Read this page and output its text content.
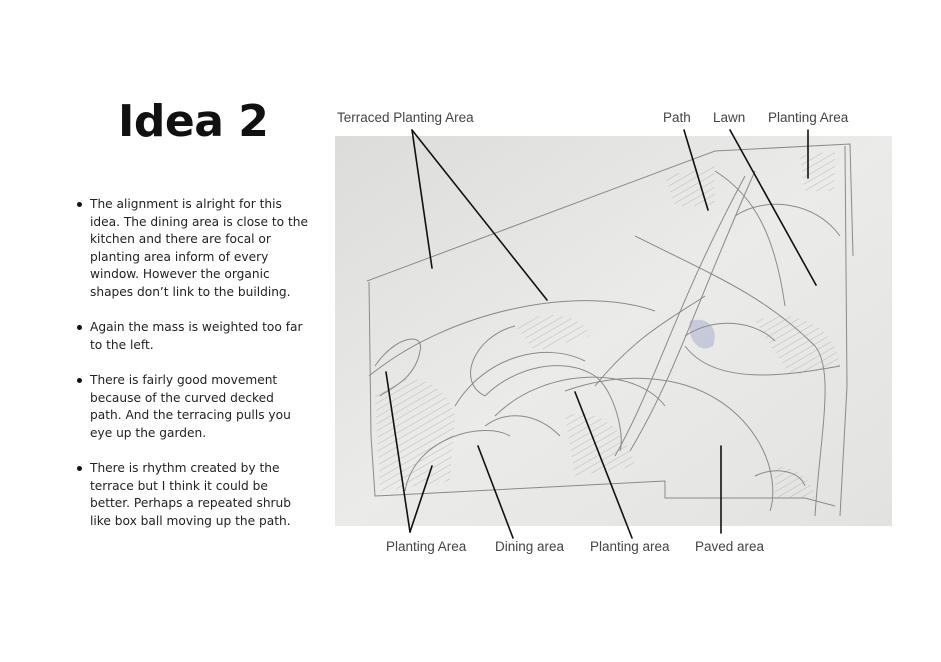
Idea 2
The alignment is alright for this idea. The dining area is close to the kitchen and there are focal or planting area inform of every window. However the organic shapes don’t link to the building.
Again the mass is weighted too far to the left.
There is fairly good movement because of the curved decked path. And the terracing pulls you eye up the garden.
There is rhythm created by the terrace but I think it could be better. Perhaps a repeated shrub like box ball moving up the path.
Terraced Planting Area	Path Lawn Planting Area
Planting Area Dining area Planting area Paved area
